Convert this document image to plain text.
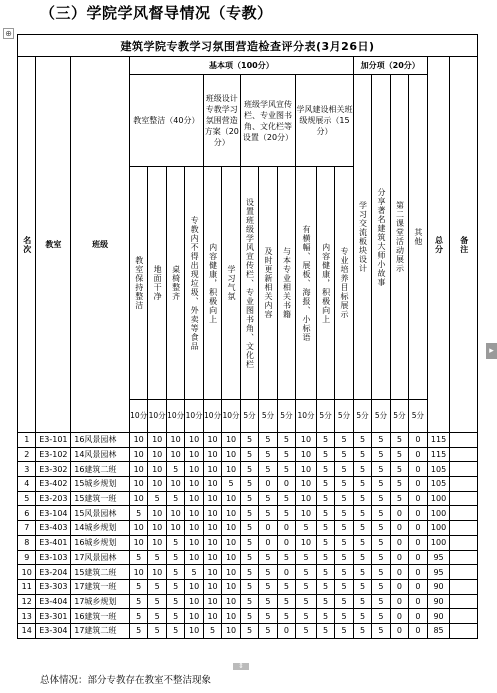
（三）学院学风督导情况（专教）
⊕
建筑学院专教学习氛围营造检查评分表(3月26日)																				

名次	教室	班级	基本项（100分）												加分项（20分）				总分	备注

			教室整洁（40分）				班级设计专教学习氛围营造方案（20分）		班级学风宣传栏、专业图书角、文化栏等设置（20分）			学风建设相关班级规展示（15分）			学习交流板块设计	分享著名建筑大师小故事	第二课堂活动展示	其他		

			教室保持整洁	地面干净	桌椅整齐	专教内不得出现垃圾、外卖等食品	内容健康，积极向上	学习气氛	设置班级学风宣传栏、专业图书角、文化栏	及时更新相关内容	与本专业相关书籍	有横幅、展板、海报、小标语	内容健康，积极向上	专业培养目标展示						

			10分	10分	10分	10分	10分	10分	5分	5分	5分	10分	5分	5分	5分	5分	5分	5分		
1	E3-101	16风景园林	10	10	10	10	10	10	5	5	5	10	5	5	5	5	5	0	115	
2	E3-102	14风景园林	10	10	10	10	10	10	5	5	5	10	5	5	5	5	5	0	115	
3	E3-302	16建筑二班	10	10	5	10	10	10	5	5	5	10	5	5	5	5	5	0	105	
4	E3-402	15城乡规划	10	10	10	10	10	5	5	0	0	10	5	5	5	5	5	0	105	
5	E3-203	15建筑一班	10	5	5	10	10	10	5	5	5	10	5	5	5	5	5	0	100	
6	E3-104	15风景园林	5	10	10	10	10	10	5	5	5	10	5	5	5	5	0	0	100	
7	E3-403	14城乡规划	10	10	10	10	10	10	5	0	0	5	5	5	5	5	0	0	100	
8	E3-401	16城乡规划	10	10	5	10	10	10	5	0	0	10	5	5	5	5	0	0	100	
9	E3-103	17风景园林	5	5	5	10	10	10	5	5	5	5	5	5	5	5	0	0	95	
10	E3-204	15建筑二班	10	10	5	5	10	10	5	5	0	5	5	5	5	5	0	0	95	
11	E3-303	17建筑一班	5	5	5	10	10	10	5	5	5	5	5	5	5	5	0	0	90	
12	E3-404	17城乡规划	5	5	5	10	10	10	5	5	5	5	5	5	5	5	0	0	90	
13	E3-301	16建筑一班	5	5	5	10	10	10	5	5	5	5	5	5	5	5	0	0	90	
14	E3-304	17建筑二班	5	5	5	10	5	10	5	5	0	5	5	5	5	5	0	0	85	
⇕
▸
总体情况：部分专教存在教室不整洁现象
